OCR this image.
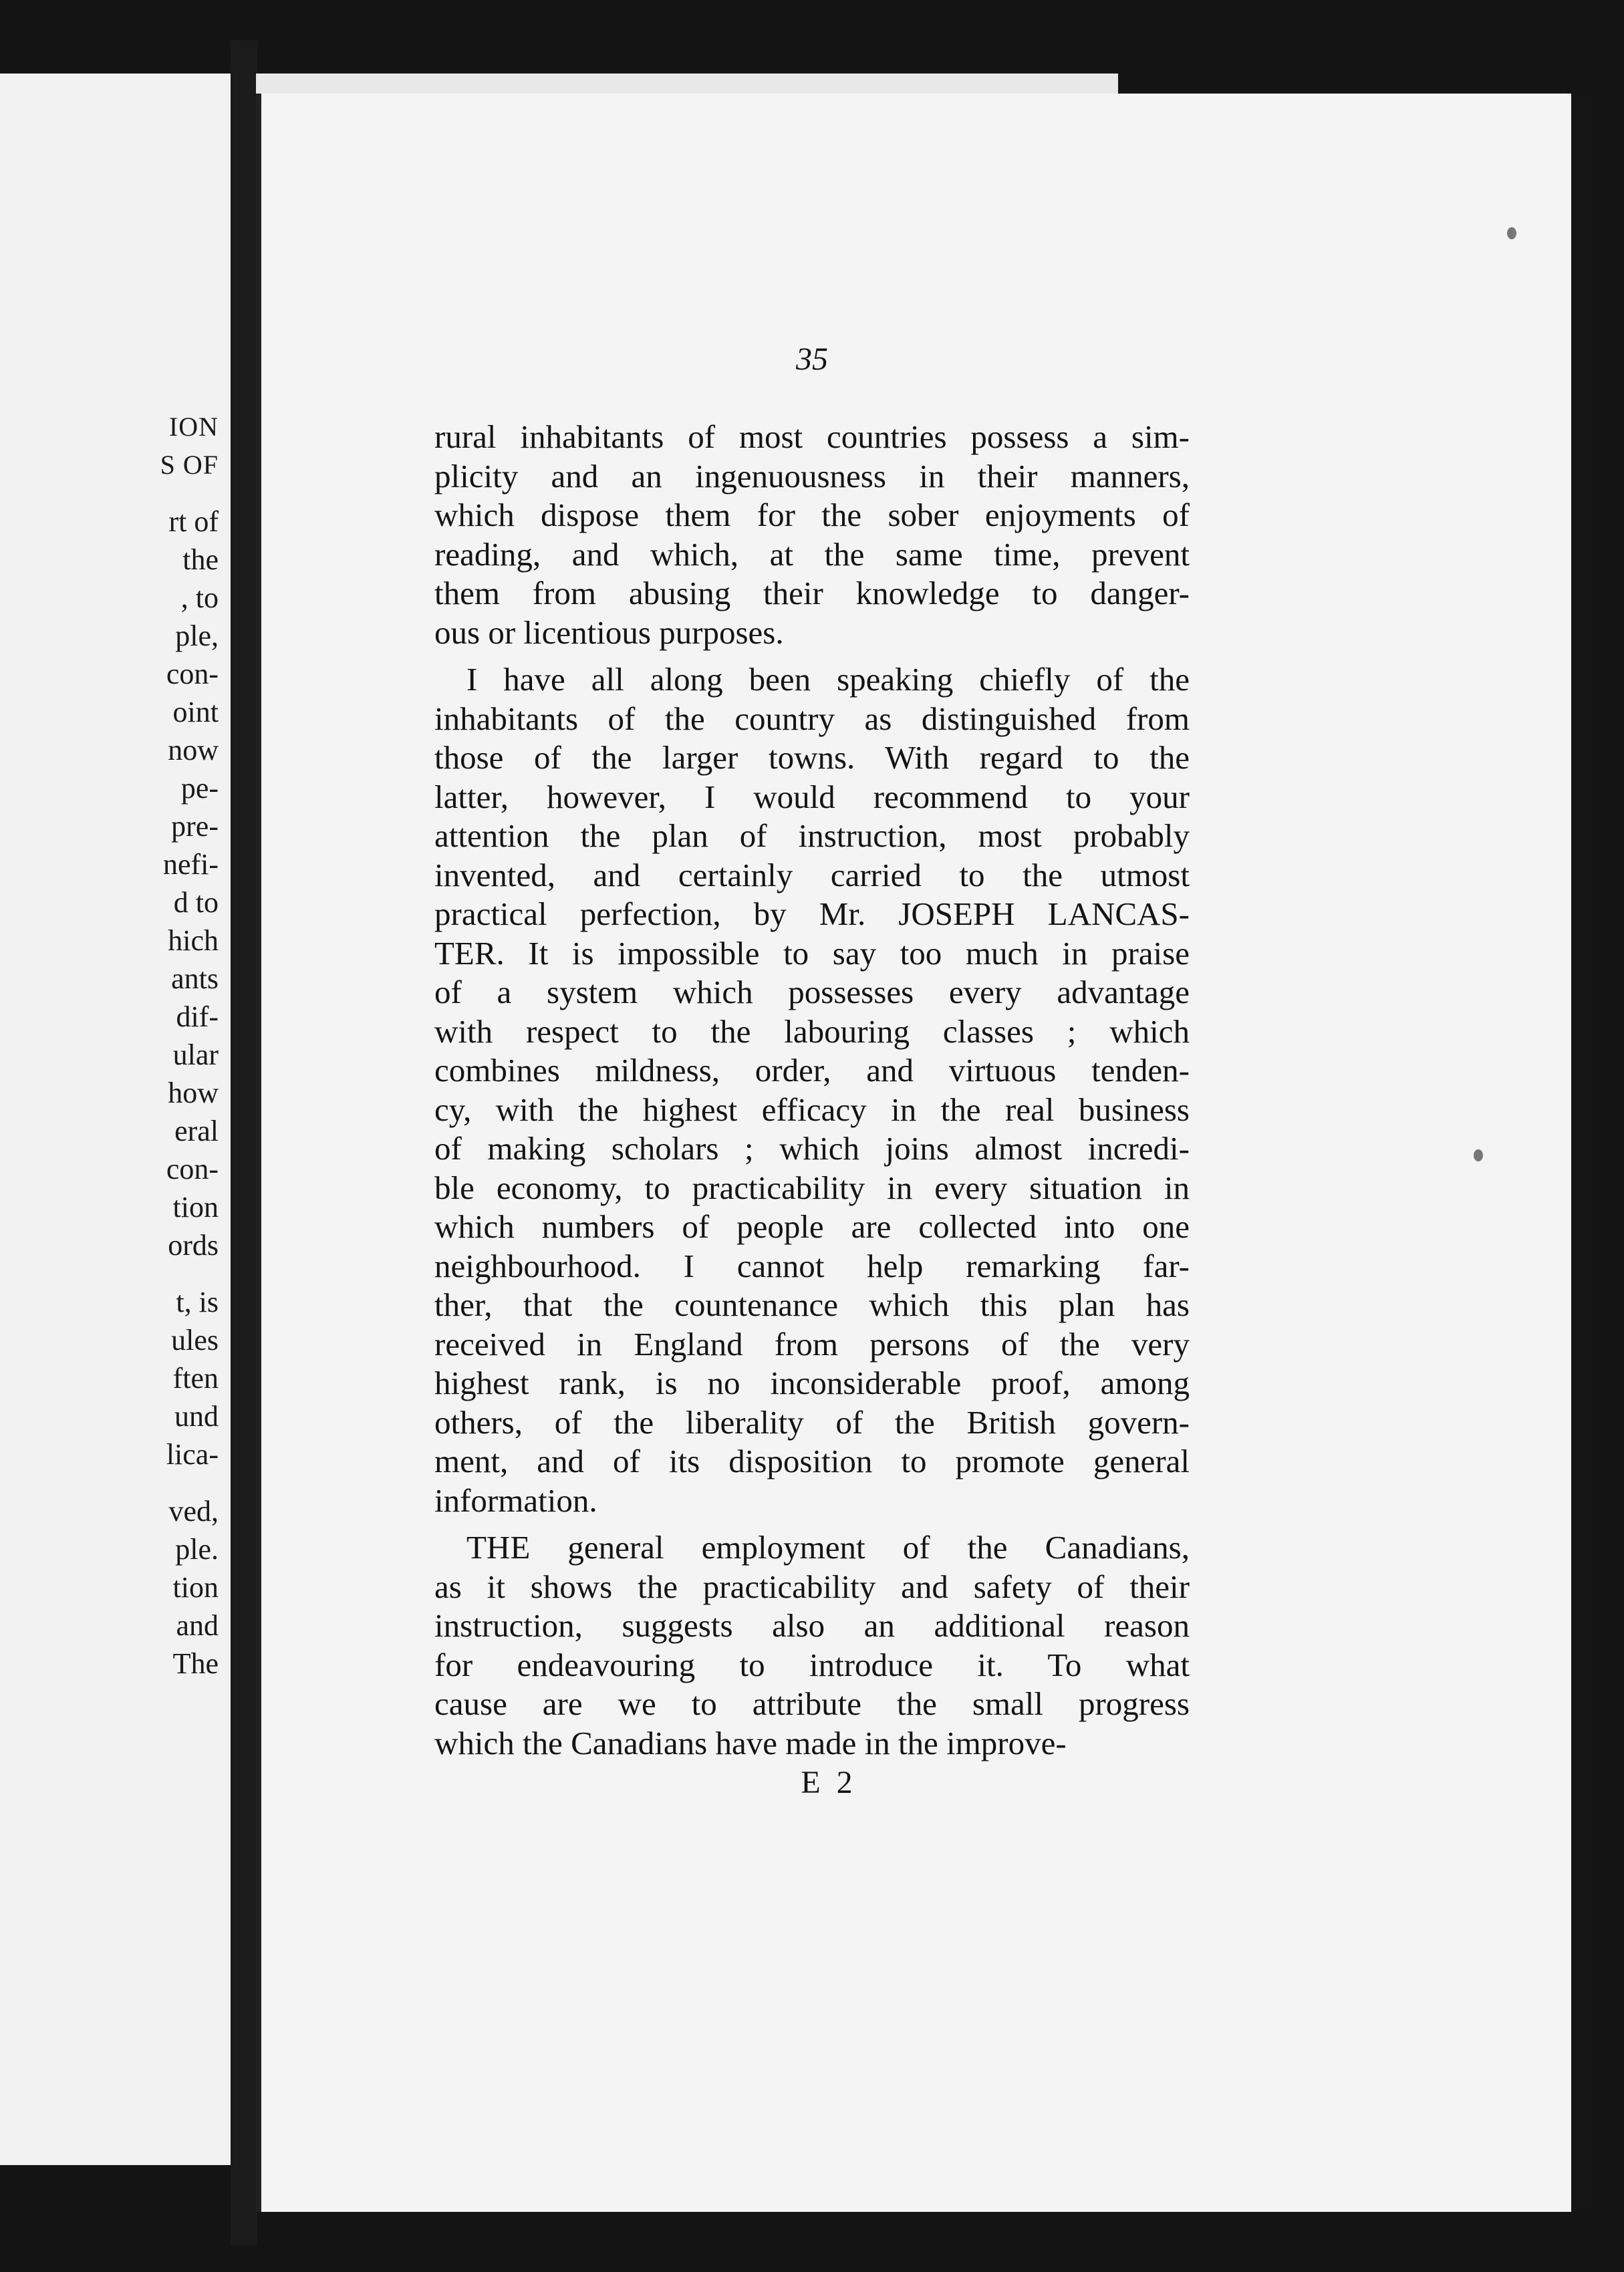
ION
S OF
rt of
the
, to
ple,
con-
oint
now
pe-
pre-
nefi-
d to
hich
ants
dif-
ular
how
eral
con-
tion
ords
t, is
ules
ften
und
lica-
ved,
ple.
tion
and
The
35
rural inhabitants of most countries possess a sim-
plicity and an ingenuousness in their manners,
which dispose them for the sober enjoyments of
reading, and which, at the same time, prevent
them from abusing their knowledge to danger-
ous or licentious purposes.
I have all along been speaking chiefly of the
inhabitants of the country as distinguished from
those of the larger towns. With regard to the
latter, however, I would recommend to your
attention the plan of instruction, most probably
invented, and certainly carried to the utmost
practical perfection, by Mr. JOSEPH LANCAS-
TER. It is impossible to say too much in praise
of a system which possesses every advantage
with respect to the labouring classes ; which
combines mildness, order, and virtuous tenden-
cy, with the highest efficacy in the real business
of making scholars ; which joins almost incredi-
ble economy, to practicability in every situation in
which numbers of people are collected into one
neighbourhood. I cannot help remarking far-
ther, that the countenance which this plan has
received in England from persons of the very
highest rank, is no inconsiderable proof, among
others, of the liberality of the British govern-
ment, and of its disposition to promote general
information.
THE general employment of the Canadians,
as it shows the practicability and safety of their
instruction, suggests also an additional reason
for endeavouring to introduce it. To what
cause are we to attribute the small progress
which the Canadians have made in the improve-
E 2
